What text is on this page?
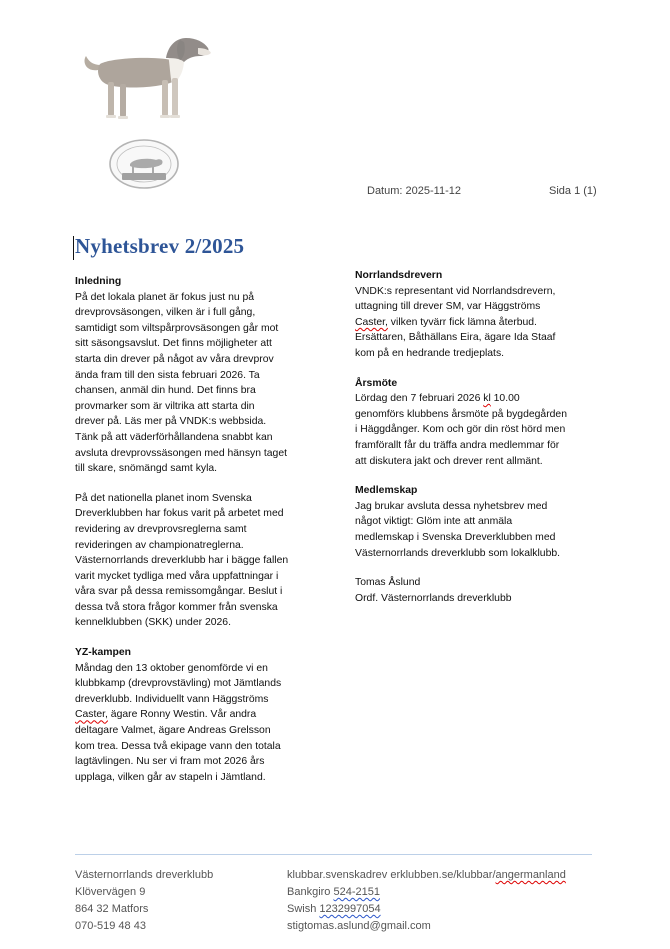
Datum: 2025-11-12	Sida 1 (1)
Nyhetsbrev 2/2025
Inledning

På det lokala planet är fokus just nu på
drevprovsäsongen, vilken är i full gång,
samtidigt som viltspårprovsäsongen går mot
sitt säsongsavslut. Det finns möjligheter att
starta din drever på något av våra drevprov
ända fram till den sista februari 2026. Ta
chansen, anmäl din hund. Det finns bra
provmarker som är viltrika att starta din
drever på. Läs mer på VNDK:s webbsida.
Tänk på att väderförhållandena snabbt kan
avsluta drevprovssäsongen med hänsyn taget
till skare, snömängd samt kyla.

På det nationella planet inom Svenska
Dreverklubben har fokus varit på arbetet med
revidering av drevprovsreglerna samt
revideringen av championatreglerna.
Västernorrlands dreverklubb har i bägge fallen
varit mycket tydliga med våra uppfattningar i
våra svar på dessa remissomgångar. Beslut i
dessa två stora frågor kommer från svenska
kennelklubben (SKK) under 2026.

YZ-kampen

Måndag den 13 oktober genomförde vi en
klubbkamp (drevprovstävling) mot Jämtlands
dreverklubb. Individuellt vann Häggströms
Caster, ägare Ronny Westin. Vår andra
deltagare Valmet, ägare Andreas Grelsson
kom trea. Dessa två ekipage vann den totala
lagtävlingen. Nu ser vi fram mot 2026 års
upplaga, vilken går av stapeln i Jämtland.

Norrlandsdrevern

VNDK:s representant vid Norrlandsdrevern,
uttagning till drever SM, var Häggströms
Caster, vilken tyvärr fick lämna återbud.
Ersättaren, Båthällans Eira, ägare Ida Staaf
kom på en hedrande tredjeplats.

Årsmöte

Lördag den 7 februari 2026 kl 10.00
genomförs klubbens årsmöte på bygdegården
i Häggdånger. Kom och gör din röst hörd men
framförallt får du träffa andra medlemmar för
att diskutera jakt och drever rent allmänt.

Medlemskap

Jag brukar avsluta dessa nyhetsbrev med
något viktigt: Glöm inte att anmäla
medlemskap i Svenska Dreverklubben med
Västernorrlands dreverklubb som lokalklubb.

Tomas Åslund

Ordf. Västernorrlands dreverklubb

Västernorrlands dreverklubb
Klövervägen 9
864 32 Matfors
070-519 48 43
klubbar.svenskadrev erklubben.se/klubbar/angermanland
Bankgiro 524-2151
Swish 1232997054
stigtomas.aslund@gmail.com
